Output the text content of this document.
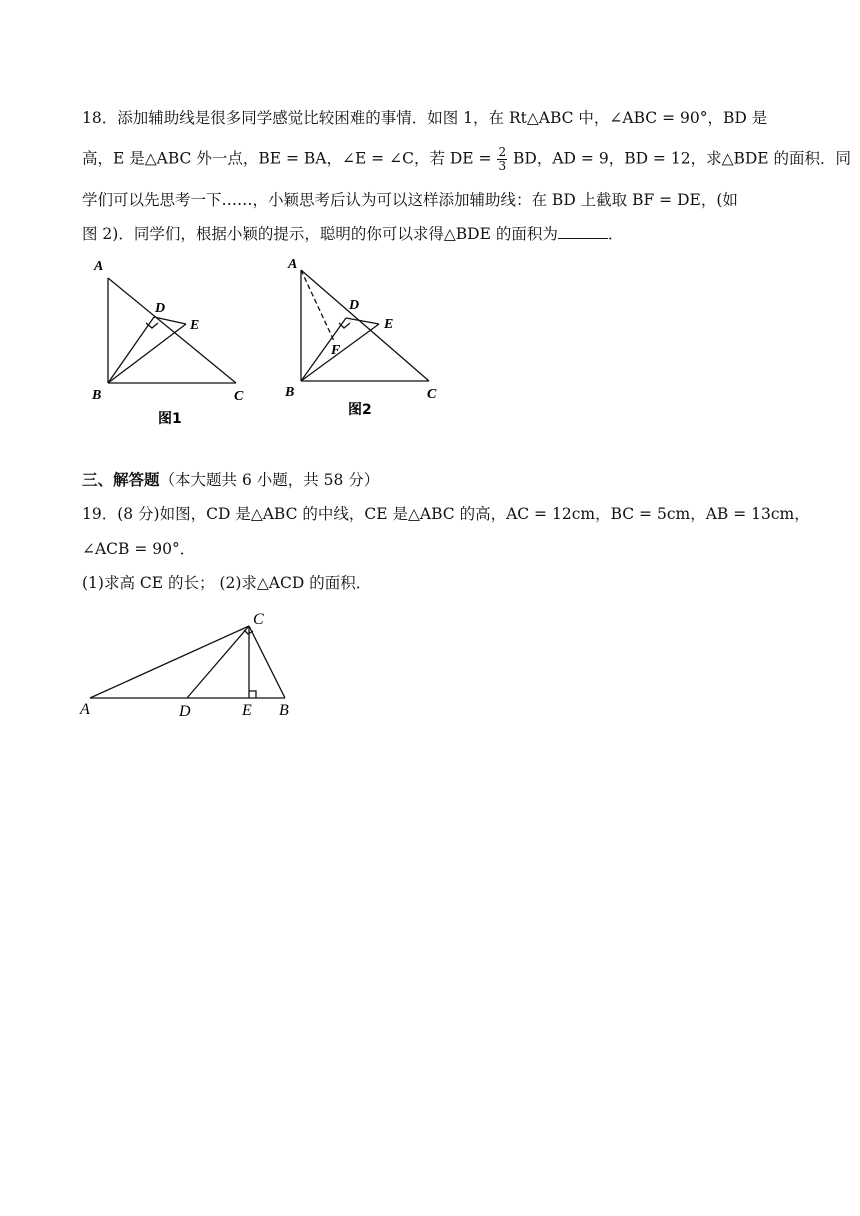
18．添加辅助线是很多同学感觉比较困难的事情．如图 1，在 Rt△ABC 中，∠ABC = 90°，BD 是
高，E 是△ABC 外一点，BE = BA，∠E = ∠C，若 DE = $\frac{2}{3}$ BD，AD = 9，BD = 12，求△BDE 的面积．同
学们可以先思考一下……，小颖思考后认为可以这样添加辅助线：在 BD 上截取 BF = DE，(如
图 2)．同学们，根据小颖的提示，聪明的你可以求得△BDE 的面积为	．
A
D
E
B	C
图1
A
D
E
F
B	C
图2
三、解答题（本大题共 6 小题，共 58 分）
19．(8 分)如图，CD 是△ABC 的中线，CE 是△ABC 的高，AC = 12cm，BC = 5cm，AB = 13cm，
∠ACB = 90°．
(1)求高 CE 的长； (2)求△ACD 的面积．
C
A	D	E B
